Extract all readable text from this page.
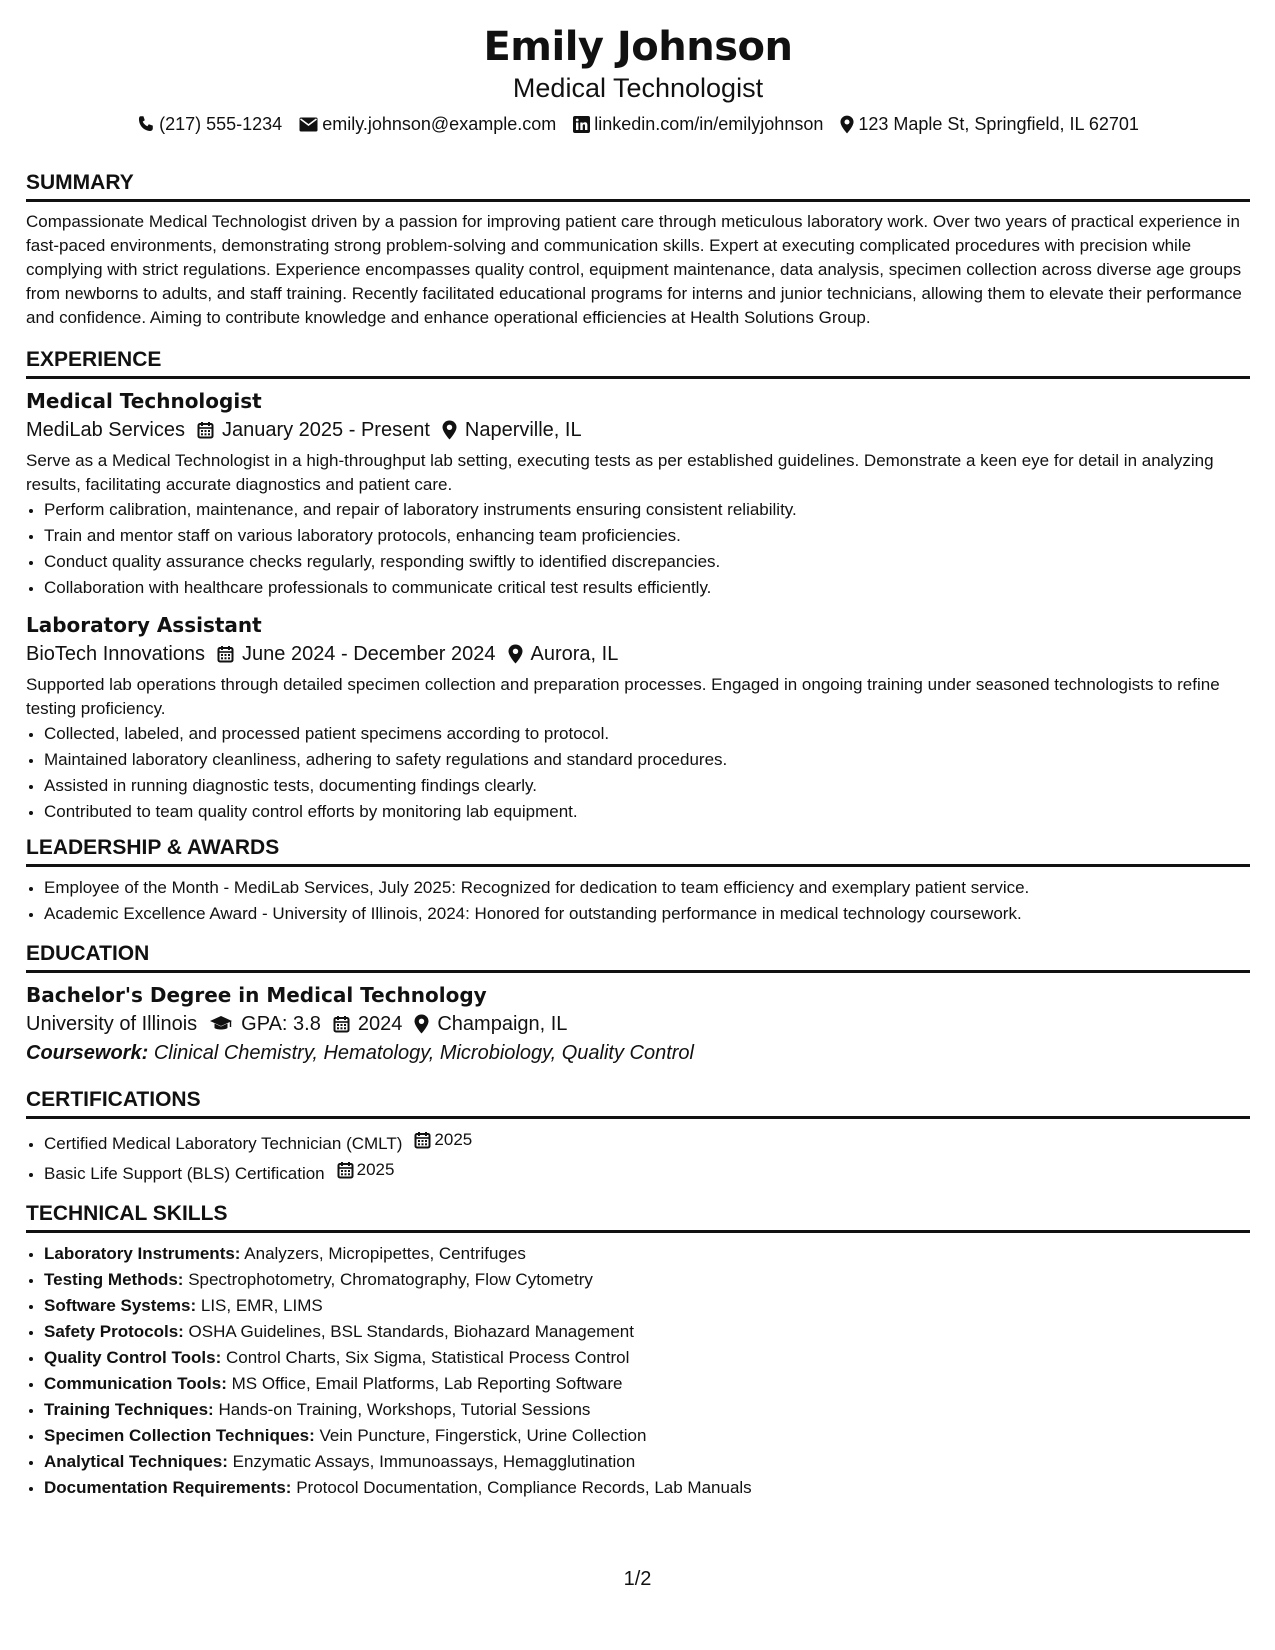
Emily Johnson
Medical Technologist
(217) 555-1234 emily.johnson@example.com linkedin.com/in/emilyjohnson 123 Maple St, Springfield, IL 62701
SUMMARY

Compassionate Medical Technologist driven by a passion for improving patient care through meticulous laboratory work. Over two years of practical experience in fast-paced environments, demonstrating strong problem-solving and communication skills. Expert at executing complicated procedures with precision while complying with strict regulations. Experience encompasses quality control, equipment maintenance, data analysis, specimen collection across diverse age groups from newborns to adults, and staff training. Recently facilitated educational programs for interns and junior technicians, allowing them to elevate their performance and confidence. Aiming to contribute knowledge and enhance operational efficiencies at Health Solutions Group.

EXPERIENCE
Medical Technologist
MediLab Services January 2025 - Present Naperville, IL

Serve as a Medical Technologist in a high-throughput lab setting, executing tests as per established guidelines. Demonstrate a keen eye for detail in analyzing results, facilitating accurate diagnostics and patient care.

• Perform calibration, maintenance, and repair of laboratory instruments ensuring consistent reliability.
• Train and mentor staff on various laboratory protocols, enhancing team proficiencies.
• Conduct quality assurance checks regularly, responding swiftly to identified discrepancies.
• Collaboration with healthcare professionals to communicate critical test results efficiently.
Laboratory Assistant
BioTech Innovations June 2024 - December 2024 Aurora, IL

Supported lab operations through detailed specimen collection and preparation processes. Engaged in ongoing training under seasoned technologists to refine testing proficiency.

• Collected, labeled, and processed patient specimens according to protocol.
• Maintained laboratory cleanliness, adhering to safety regulations and standard procedures.
• Assisted in running diagnostic tests, documenting findings clearly.
• Contributed to team quality control efforts by monitoring lab equipment.
LEADERSHIP & AWARDS
• Employee of the Month - MediLab Services, July 2025: Recognized for dedication to team efficiency and exemplary patient service.
• Academic Excellence Award - University of Illinois, 2024: Honored for outstanding performance in medical technology coursework.
EDUCATION
Bachelor's Degree in Medical Technology
University of Illinois GPA: 3.8 2024 Champaign, IL
Coursework: Clinical Chemistry, Hematology, Microbiology, Quality Control
CERTIFICATIONS
• Certified Medical Laboratory Technician (CMLT) 2025
• Basic Life Support (BLS) Certification 2025
TECHNICAL SKILLS
• Laboratory Instruments: Analyzers, Micropipettes, Centrifuges
• Testing Methods: Spectrophotometry, Chromatography, Flow Cytometry
• Software Systems: LIS, EMR, LIMS
• Safety Protocols: OSHA Guidelines, BSL Standards, Biohazard Management
• Quality Control Tools: Control Charts, Six Sigma, Statistical Process Control
• Communication Tools: MS Office, Email Platforms, Lab Reporting Software
• Training Techniques: Hands-on Training, Workshops, Tutorial Sessions
• Specimen Collection Techniques: Vein Puncture, Fingerstick, Urine Collection
• Analytical Techniques: Enzymatic Assays, Immunoassays, Hemagglutination
• Documentation Requirements: Protocol Documentation, Compliance Records, Lab Manuals
1/2
